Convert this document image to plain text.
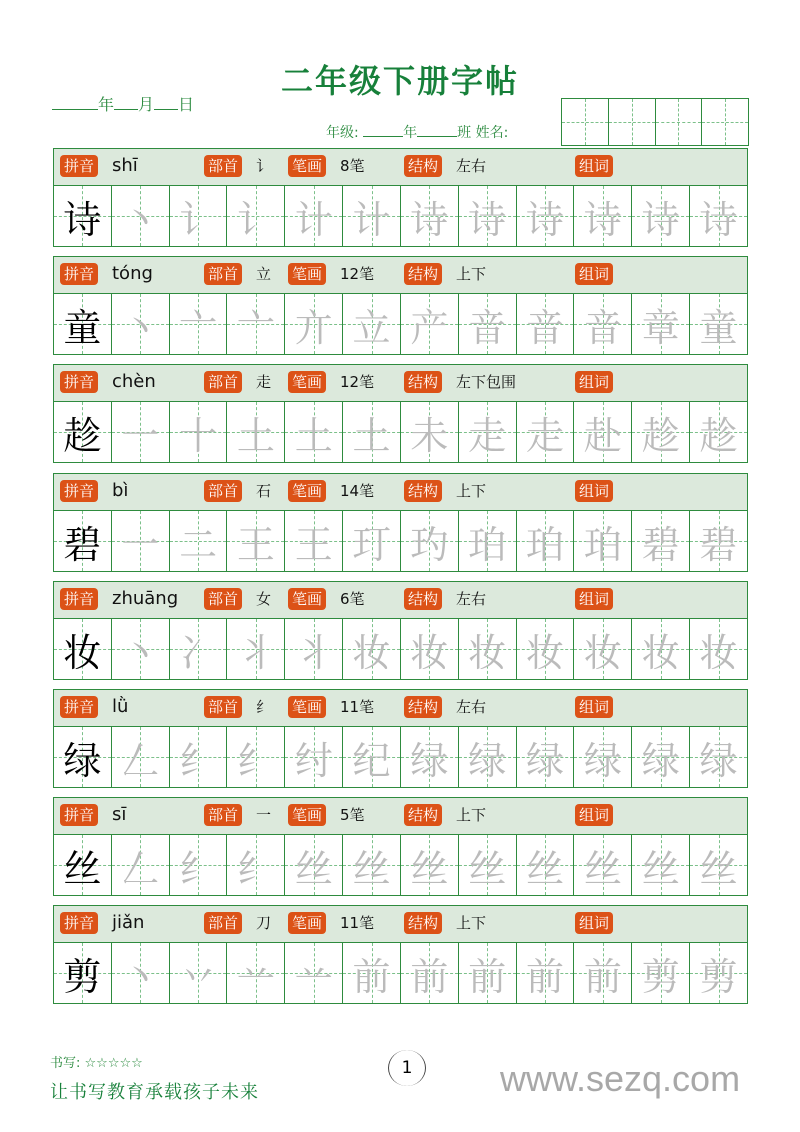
二年级下册字帖
年 月 日
年级:	年	班 姓名:
拼音 shī	部首 讠 笔画 8笔	结构 左右	组词
诗 丶 讠 讠 计 计 诗 诗 诗 诗 诗 诗
拼音 tóng	部首 立 笔画 12笔 结构 上下	组词
童 丶 亠 亠 亣 立 产 音 音 音 章 童
拼音 chèn	部首 走 笔画 12笔 结构 左下包围	组词
趁 一 十 土 土 土 未 走 走 赴 趁 趁
拼音 bì	部首 石 笔画 14笔 结构 上下	组词
碧 一 二 王 王 玎 玓 珀 珀 珀 碧 碧
拼音 zhuāng 部首 女 笔画 6笔	结构 左右	组词
妆 丶 冫 丬 丬 妆 妆 妆 妆 妆 妆 妆
拼音 lǜ	部首 纟 笔画 11笔 结构 左右	组词
绿 𠃋 纟 纟 纣 纪 绿 绿 绿 绿 绿 绿
拼音 sī	部首 一 笔画 5笔	结构 上下	组词
丝 𠃋 纟 纟 丝 丝 丝 丝 丝 丝 丝 丝
拼音 jiǎn	部首 刀 笔画 11笔 结构 上下	组词
剪 丶 丷 䒑 䒑 前 前 前 前 前 剪 剪
书写: ☆☆☆☆☆
让书写教育承载孩子未来
1	www.sezq.com
